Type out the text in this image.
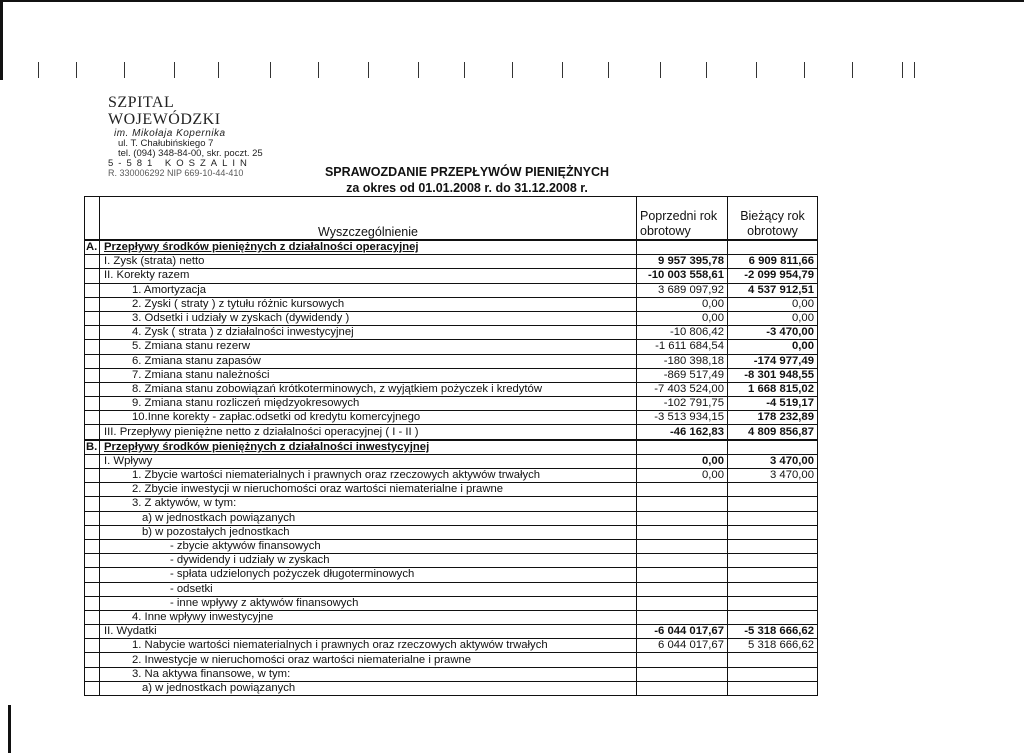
SZPITAL WOJEWÓDZKI
im. Mikołaja Kopernika
ul. T. Chałubińskiego 7
tel. (094) 348-84-00, skr. poczt. 25
5-581 KOSZALIN
R. 330006292 NIP 669-10-44-410	SPRAWOZDANIE PRZEPŁYWÓW PIENIĘŻNYCH
za okres od 01.01.2008 r. do 31.12.2008 r.
	Wyszczególnienie	Poprzedni rok obrotowy	Bieżący rok obrotowy
A.	Przepływy środków pieniężnych z działalności operacyjnej		
	I. Zysk (strata) netto	9 957 395,78	6 909 811,66
	II. Korekty razem	-10 003 558,61	-2 099 954,79
	1. Amortyzacja	3 689 097,92	4 537 912,51
	2. Zyski ( straty ) z tytułu różnic kursowych	0,00	0,00
	3. Odsetki i udziały w zyskach (dywidendy )	0,00	0,00
	4. Zysk ( strata ) z działalności inwestycyjnej	-10 806,42	-3 470,00
	5. Zmiana stanu rezerw	-1 611 684,54	0,00
	6. Zmiana stanu zapasów	-180 398,18	-174 977,49
	7. Zmiana stanu należności	-869 517,49	-8 301 948,55
	8. Zmiana stanu zobowiązań krótkoterminowych, z wyjątkiem pożyczek i kredytów	-7 403 524,00	1 668 815,02
	9. Zmiana stanu rozliczeń międzyokresowych	-102 791,75	-4 519,17
	10.Inne korekty - zapłac.odsetki od kredytu komercyjnego	-3 513 934,15	178 232,89
	III. Przepływy pieniężne netto z działalności operacyjnej ( I - II )	-46 162,83	4 809 856,87
B.	Przepływy środków pieniężnych z działalności inwestycyjnej		
	I. Wpływy	0,00	3 470,00
	1. Zbycie wartości niematerialnych i prawnych oraz rzeczowych aktywów trwałych	0,00	3 470,00
	2. Zbycie inwestycji w nieruchomości oraz wartości niematerialne i prawne		
	3. Z aktywów, w tym:		
	a) w jednostkach powiązanych		
	b) w pozostałych jednostkach		
	- zbycie aktywów finansowych		
	- dywidendy i udziały w zyskach		
	- spłata udzielonych pożyczek długoterminowych		
	- odsetki		
	- inne wpływy z aktywów finansowych		
	4. Inne wpływy inwestycyjne		
	II. Wydatki	-6 044 017,67	-5 318 666,62
	1. Nabycie wartości niematerialnych i prawnych oraz rzeczowych aktywów trwałych	6 044 017,67	5 318 666,62
	2. Inwestycje w nieruchomości oraz wartości niematerialne i prawne		
	3. Na aktywa finansowe, w tym:		
	a) w jednostkach powiązanych		
